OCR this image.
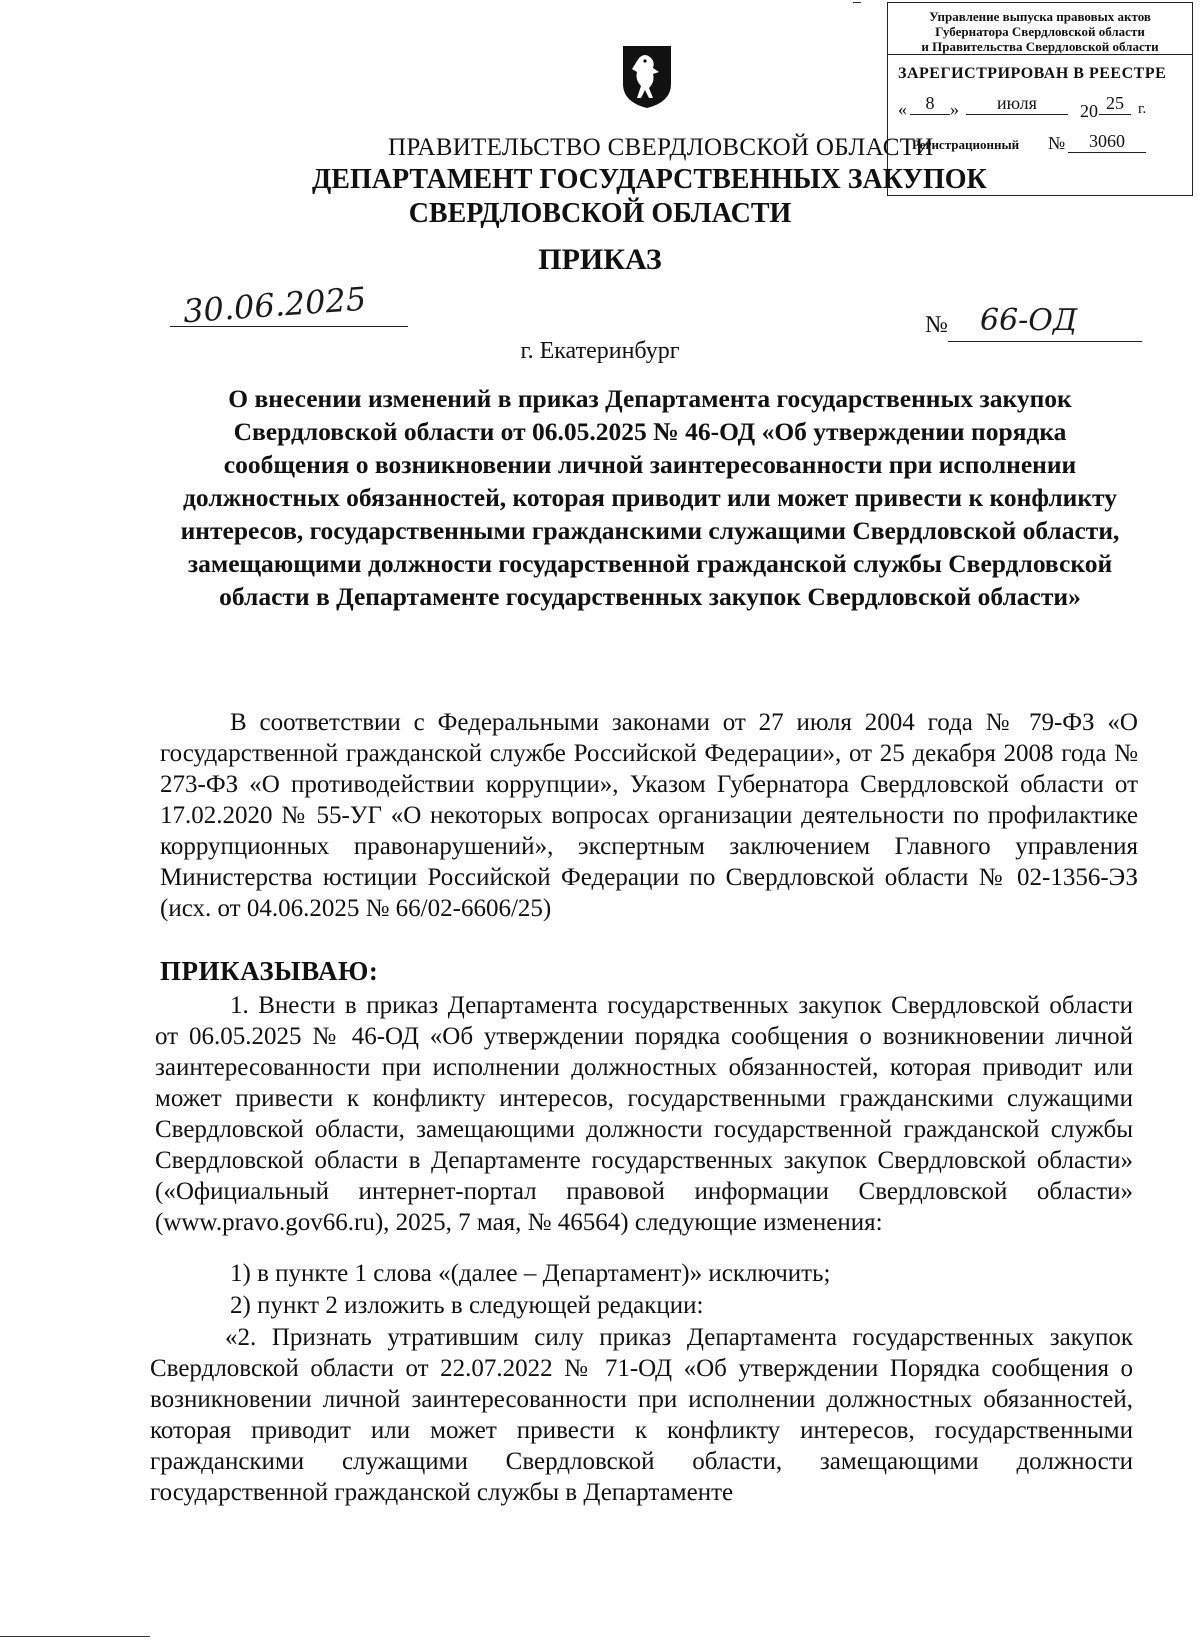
Управление выпуска правовых актов
Губернатора Свердловской области
и Правительства Свердловской области
ЗАРЕГИСТРИРОВАН В РЕЕСТРЕ
«	8 »	июля	20 25 г.
Регистрационный №	3060
ПРАВИТЕЛЬСТВО СВЕРДЛОВСКОЙ ОБЛАСТИ
ДЕПАРТАМЕНТ ГОСУДАРСТВЕННЫХ ЗАКУПОК
СВЕРДЛОВСКОЙ ОБЛАСТИ
ПРИКАЗ
30.06.2025	№ 66-ОД
г. Екатеринбург
О внесении изменений в приказ Департамента государственных закупок Свердловской области от 06.05.2025 № 46-ОД «Об утверждении порядка сообщения о возникновении личной заинтересованности при исполнении должностных обязанностей, которая приводит или может привести к конфликту интересов, государственными гражданскими служащими Свердловской области, замещающими должности государственной гражданской службы Свердловской области в Департаменте государственных закупок Свердловской области»
В соответствии с Федеральными законами от 27 июля 2004 года № 79-ФЗ «О государственной гражданской службе Российской Федерации», от 25 декабря 2008 года № 273-ФЗ «О противодействии коррупции», Указом Губернатора Свердловской области от 17.02.2020 № 55-УГ «О некоторых вопросах организации деятельности по профилактике коррупционных правонарушений», экспертным заключением Главного управления Министерства юстиции Российской Федерации по Свердловской области № 02-1356-ЭЗ (исх. от 04.06.2025 № 66/02-6606/25)
ПРИКАЗЫВАЮ:
1. Внести в приказ Департамента государственных закупок Свердловской области от 06.05.2025 № 46-ОД «Об утверждении порядка сообщения о возникновении личной заинтересованности при исполнении должностных обязанностей, которая приводит или может привести к конфликту интересов, государственными гражданскими служащими Свердловской области, замещающими должности государственной гражданской службы Свердловской области в Департаменте государственных закупок Свердловской области» («Официальный интернет-портал правовой информации Свердловской области» (www.pravo.gov66.ru), 2025, 7 мая, № 46564) следующие изменения:
1) в пункте 1 слова «(далее – Департамент)» исключить;
2) пункт 2 изложить в следующей редакции:
«2. Признать утратившим силу приказ Департамента государственных закупок Свердловской области от 22.07.2022 № 71-ОД «Об утверждении Порядка сообщения о возникновении личной заинтересованности при исполнении должностных обязанностей, которая приводит или может привести к конфликту интересов, государственными гражданскими служащими Свердловской области, замещающими должности государственной гражданской службы в Департаменте
